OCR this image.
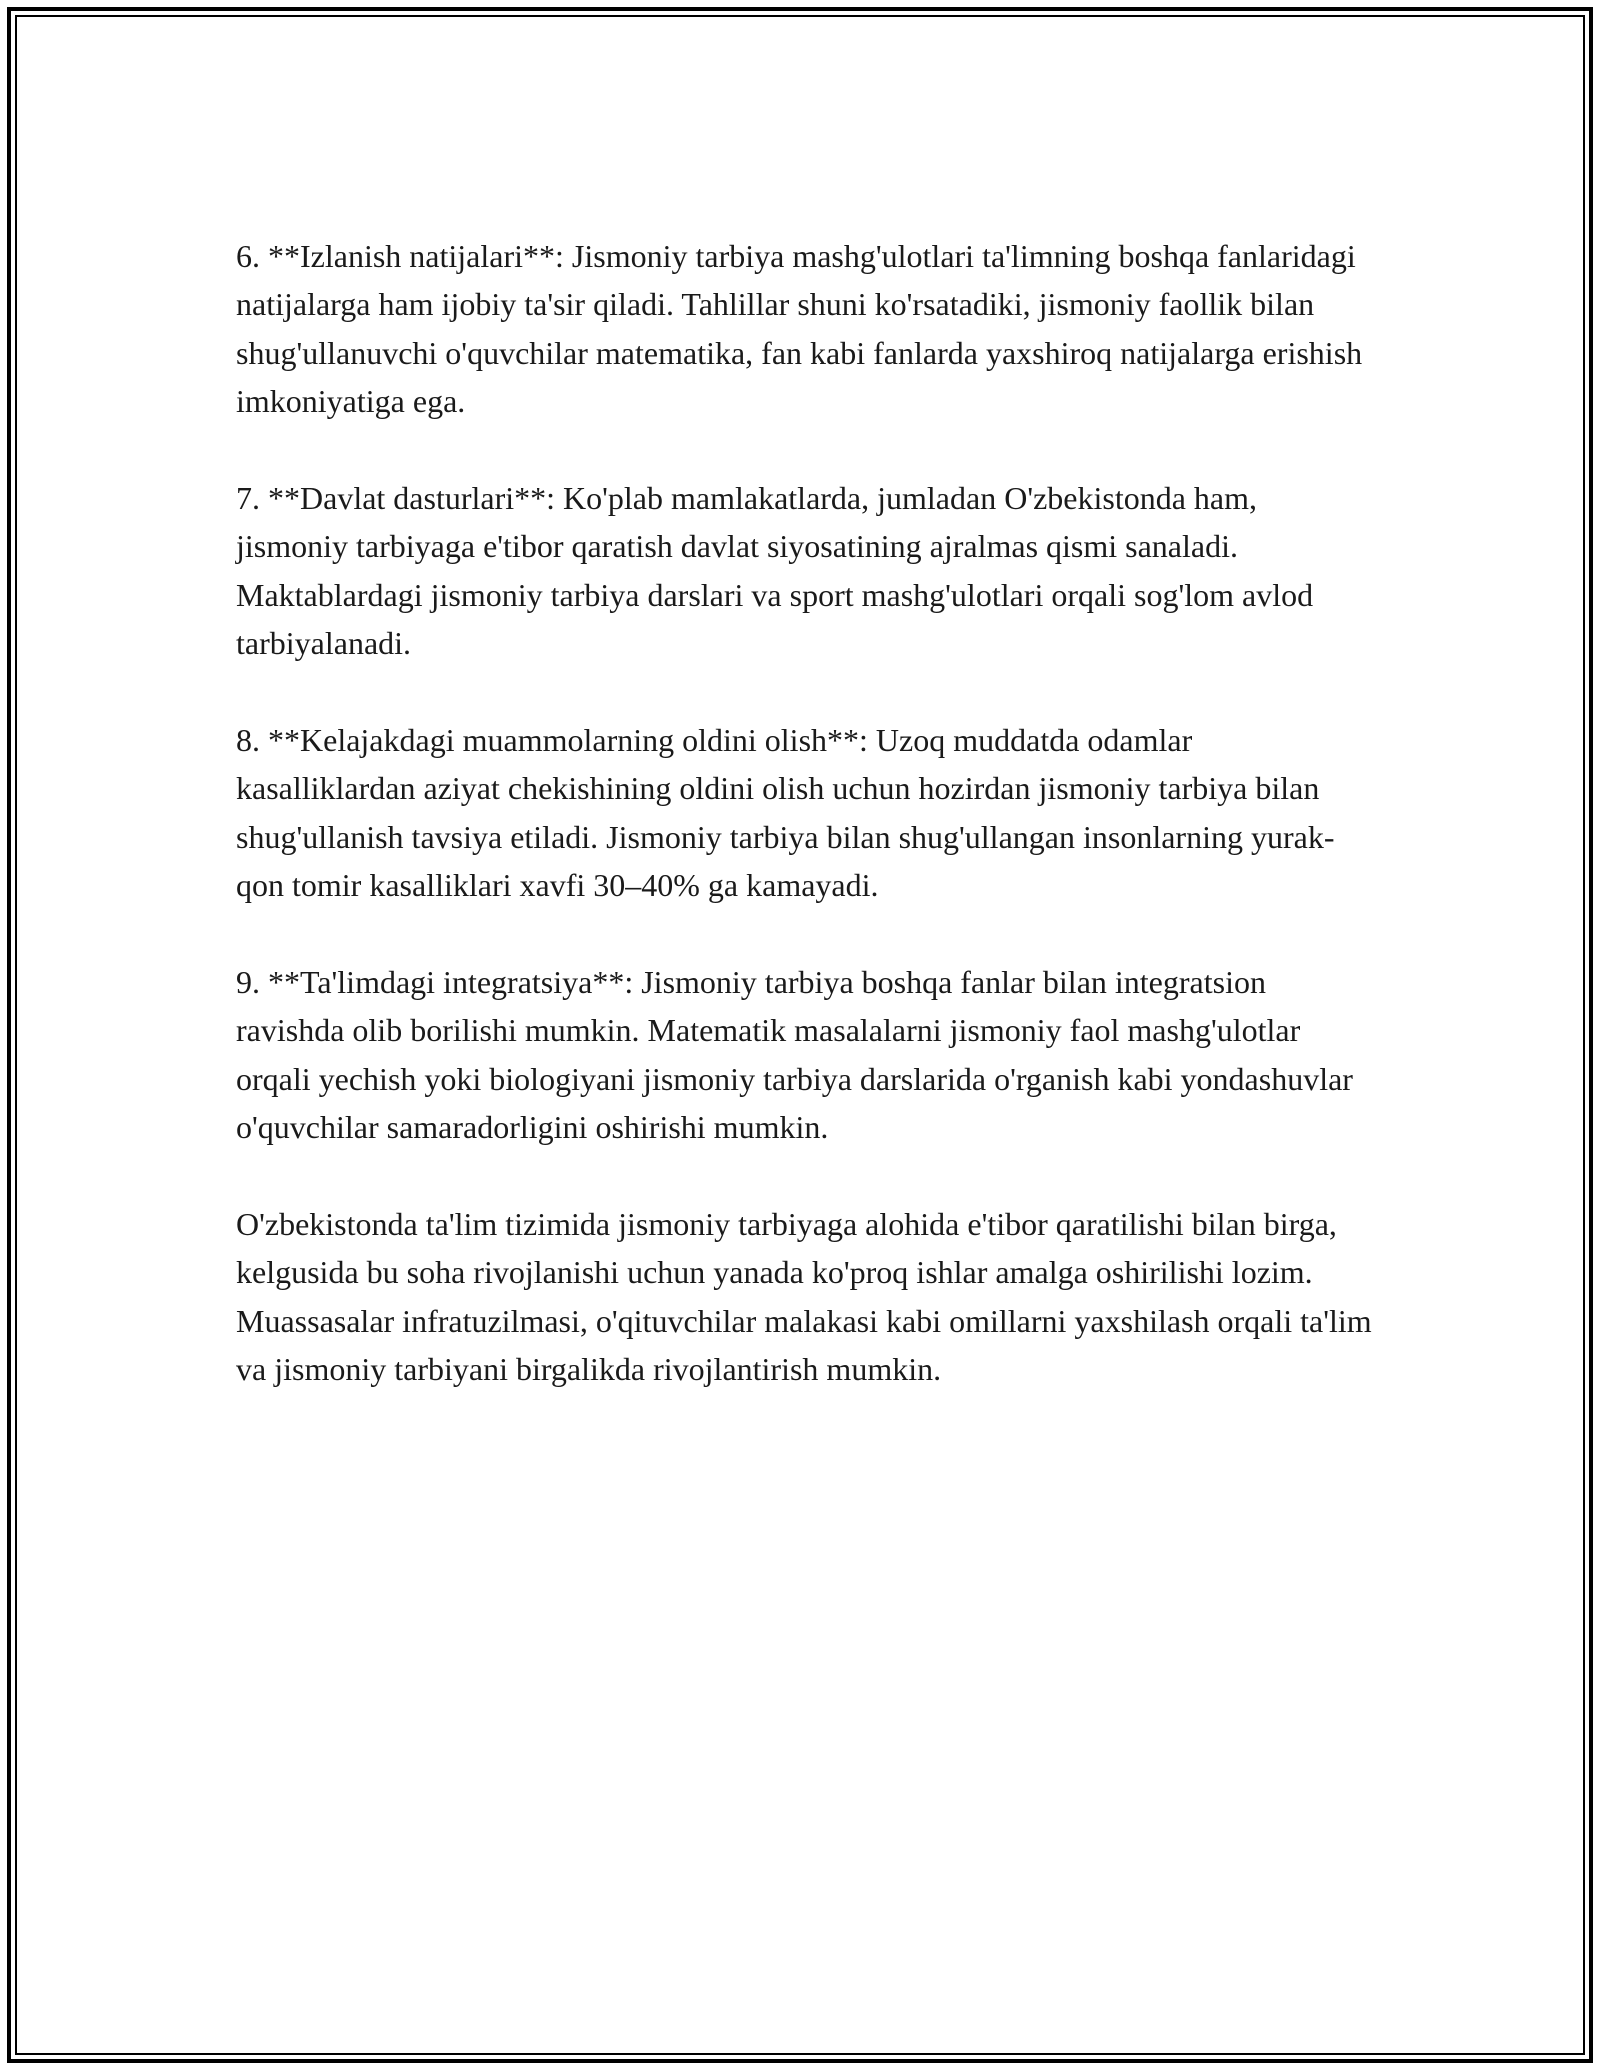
6. **Izlanish natijalari**: Jismoniy tarbiya mashg'ulotlari ta'limning boshqa fanlaridagi natijalarga ham ijobiy ta'sir qiladi. Tahlillar shuni ko'rsatadiki, jismoniy faollik bilan shug'ullanuvchi o'quvchilar matematika, fan kabi fanlarda yaxshiroq natijalarga erishish imkoniyatiga ega.

7. **Davlat dasturlari**: Ko'plab mamlakatlarda, jumladan O'zbekistonda ham, jismoniy tarbiyaga e'tibor qaratish davlat siyosatining ajralmas qismi sanaladi. Maktablardagi jismoniy tarbiya darslari va sport mashg'ulotlari orqali sog'lom avlod tarbiyalanadi.

8. **Kelajakdagi muammolarning oldini olish**: Uzoq muddatda odamlar kasalliklardan aziyat chekishining oldini olish uchun hozirdan jismoniy tarbiya bilan shug'ullanish tavsiya etiladi. Jismoniy tarbiya bilan shug'ullangan insonlarning yurak-qon tomir kasalliklari xavfi 30–40% ga kamayadi.

9. **Ta'limdagi integratsiya**: Jismoniy tarbiya boshqa fanlar bilan integratsion ravishda olib borilishi mumkin. Matematik masalalarni jismoniy faol mashg'ulotlar orqali yechish yoki biologiyani jismoniy tarbiya darslarida o'rganish kabi yondashuvlar o'quvchilar samaradorligini oshirishi mumkin.

O'zbekistonda ta'lim tizimida jismoniy tarbiyaga alohida e'tibor qaratilishi bilan birga, kelgusida bu soha rivojlanishi uchun yanada ko'proq ishlar amalga oshirilishi lozim. Muassasalar infratuzilmasi, o'qituvchilar malakasi kabi omillarni yaxshilash orqali ta'lim va jismoniy tarbiyani birgalikda rivojlantirish mumkin.
